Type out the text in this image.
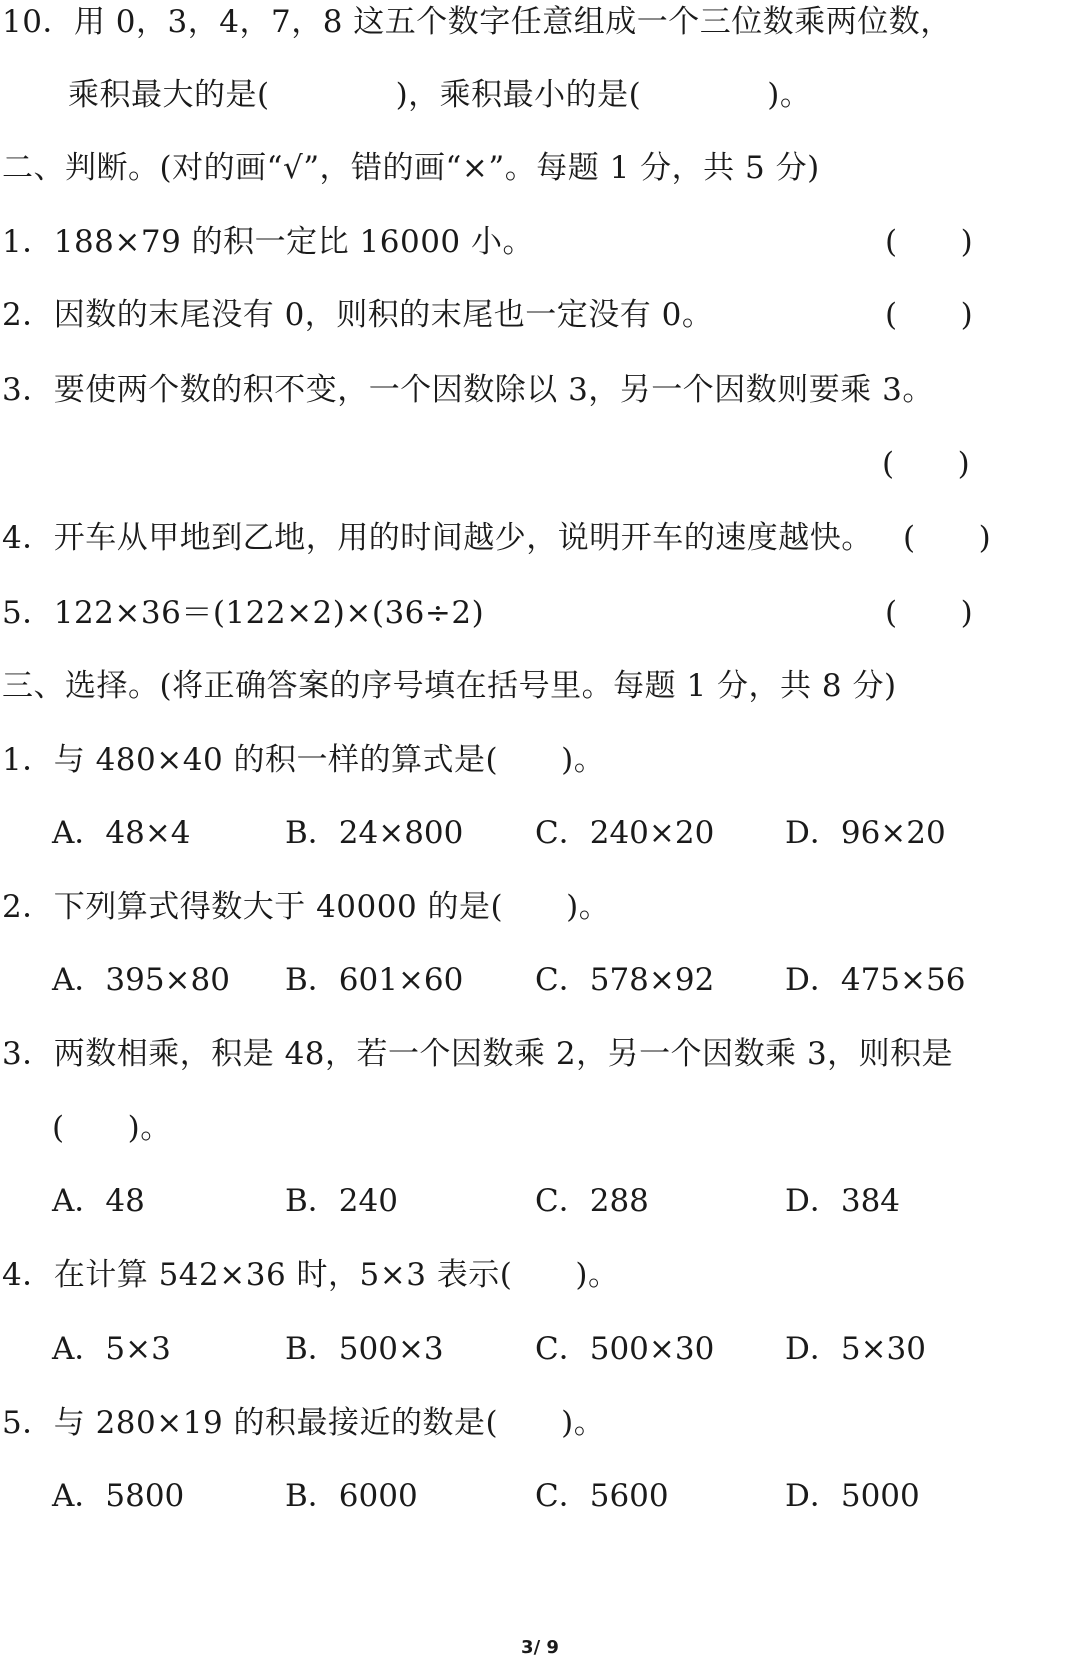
10．用 0，3，4，7，8 这五个数字任意组成一个三位数乘两位数，
乘积最大的是(　　　　)，乘积最小的是(　　　　)。
二、判断。(对的画“√”，错的画“×”。每题 1 分，共 5 分)
1．188×79 的积一定比 16000 小。	(　　)
2．因数的末尾没有 0，则积的末尾也一定没有 0。	(　　)
3．要使两个数的积不变，一个因数除以 3，另一个因数则要乘 3。
(　　)
4．开车从甲地到乙地，用的时间越少，说明开车的速度越快。 (　　)
5．122×36＝(122×2)×(36÷2)	(　　)
三、选择。(将正确答案的序号填在括号里。每题 1 分，共 8 分)
1．与 480×40 的积一样的算式是(　　)。
A．48×4	B．24×800 C．240×20 D．96×20
2．下列算式得数大于 40000 的是(　　)。
A．395×80 B．601×60 C．578×92 D．475×56
3．两数相乘，积是 48，若一个因数乘 2，另一个因数乘 3，则积是
(　　)。
A．48	B．240	C．288	D．384
4．在计算 542×36 时，5×3 表示(　　)。
A．5×3	B．500×3	C．500×30 D．5×30
5．与 280×19 的积最接近的数是(　　)。
A．5800	B．6000	C．5600	D．5000
3/ 9
